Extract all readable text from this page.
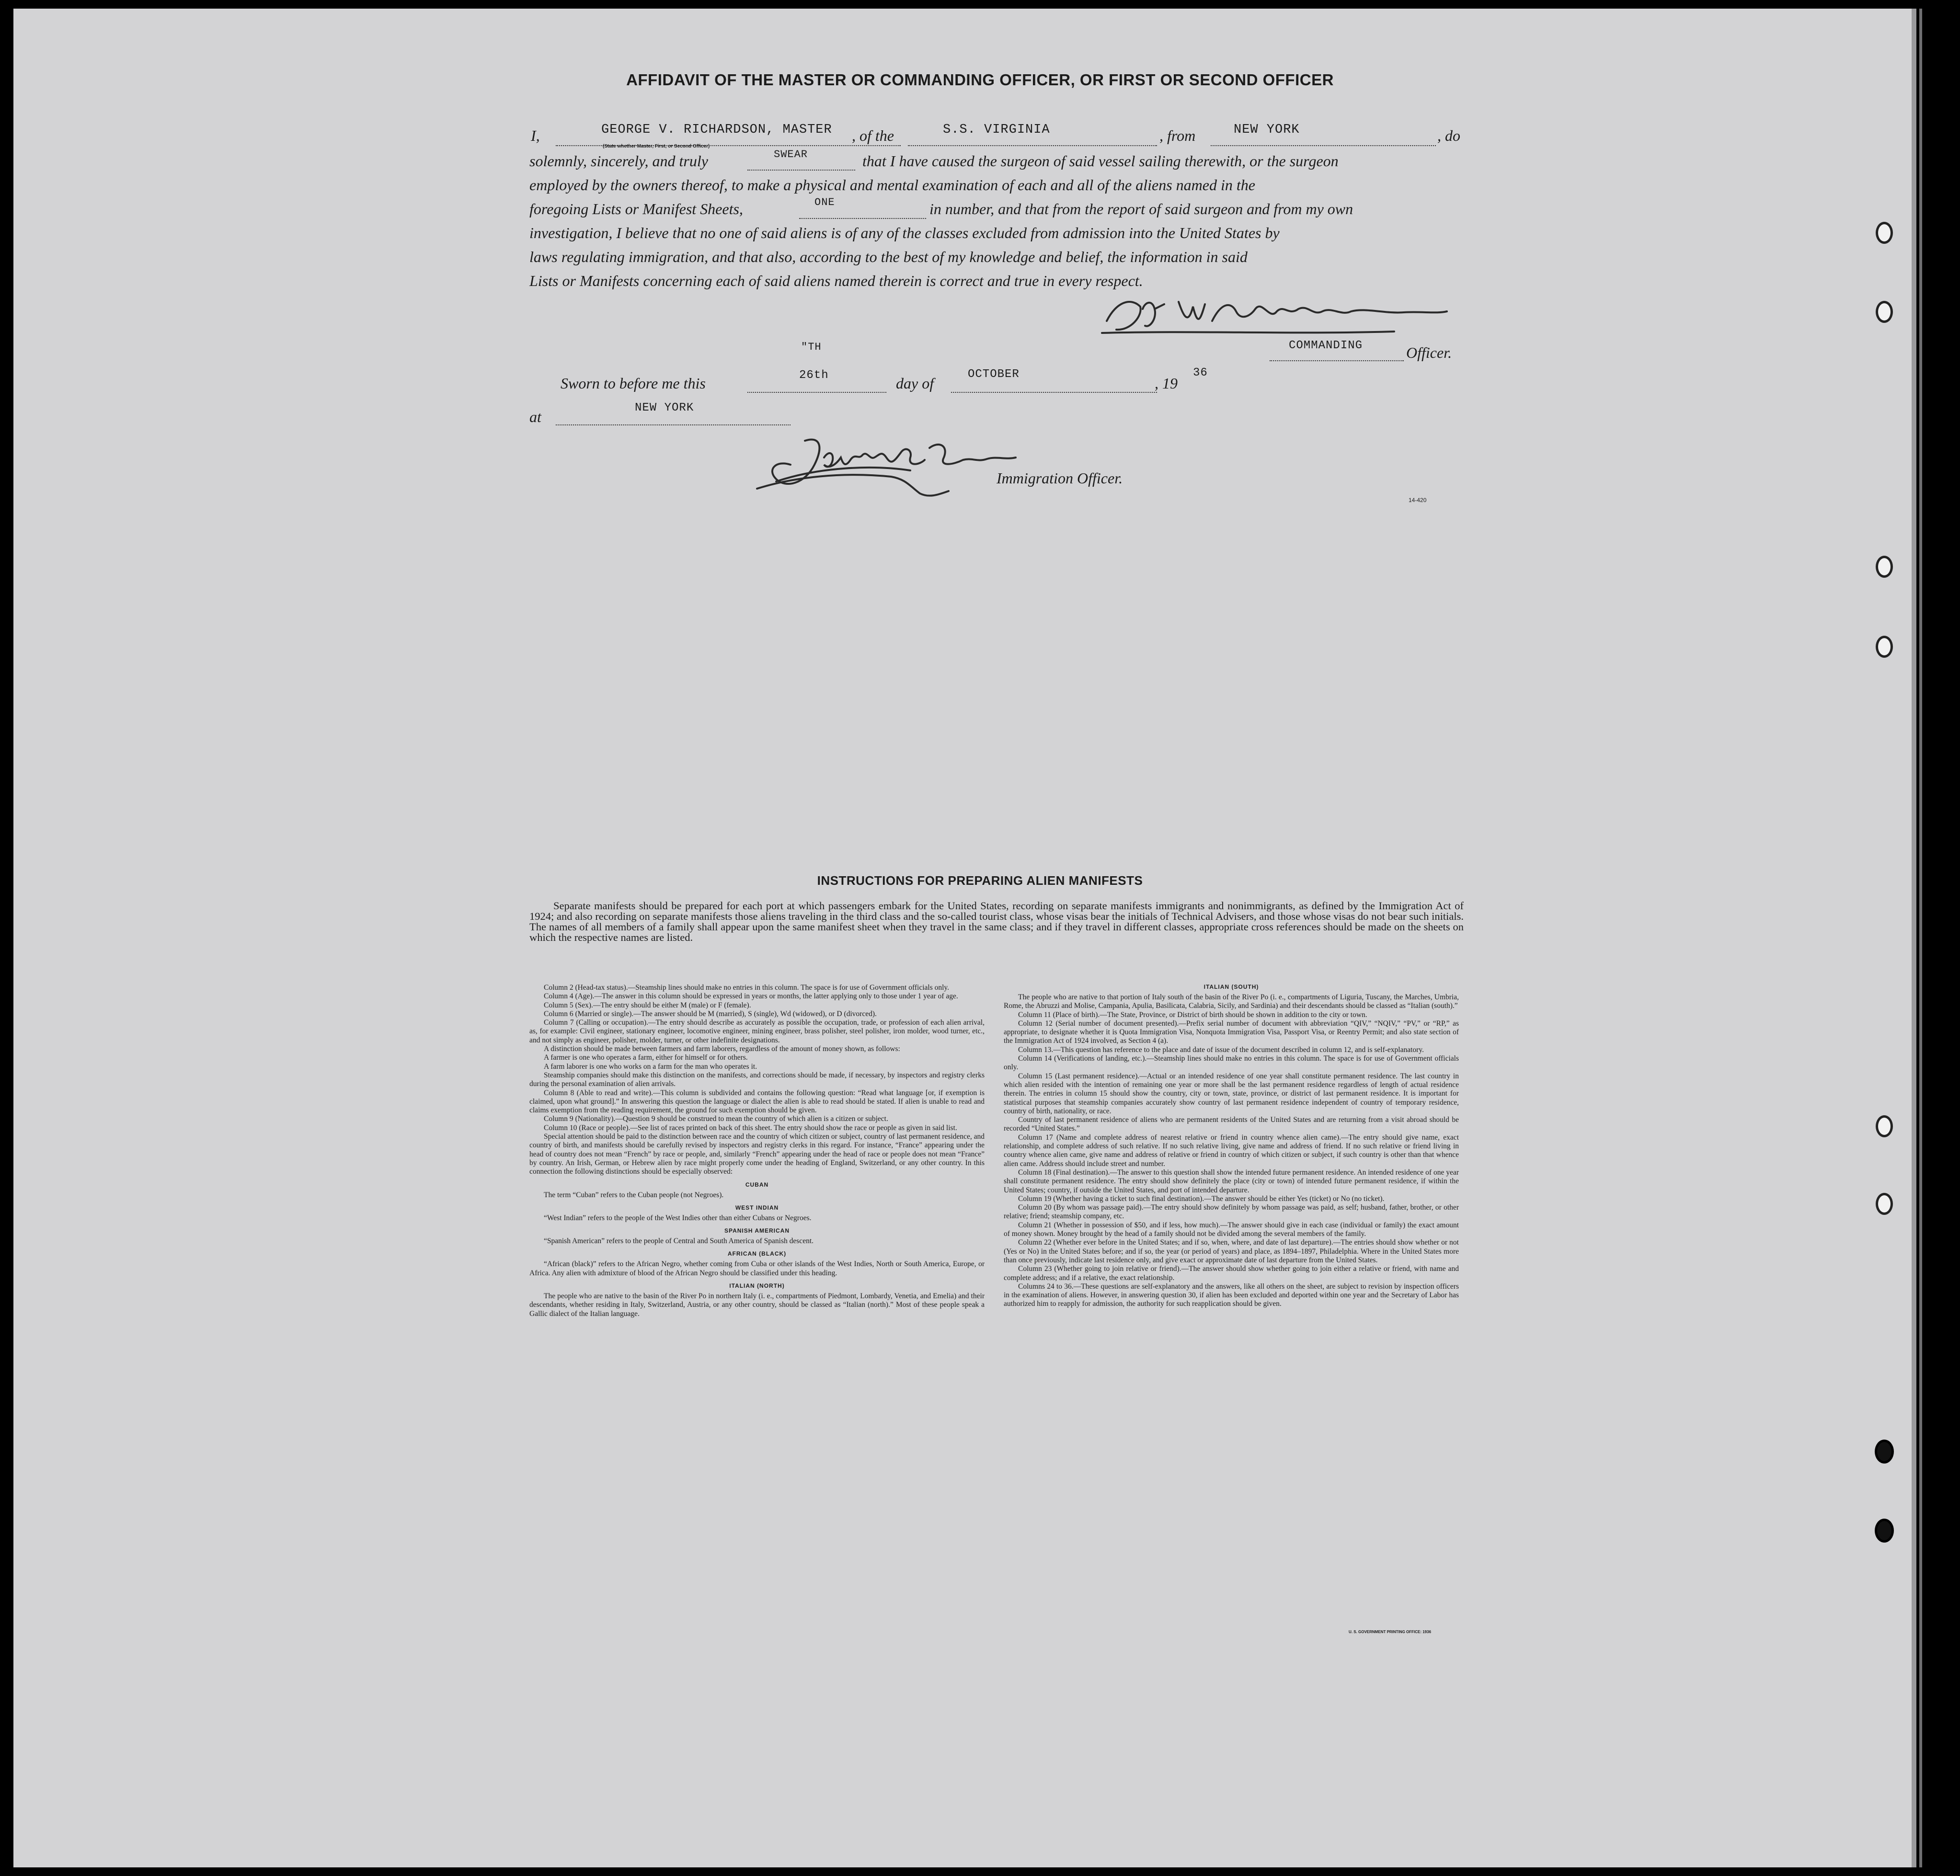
AFFIDAVIT OF THE MASTER OR COMMANDING OFFICER, OR FIRST OR SECOND OFFICER
I,	GEORGE V. RICHARDSON, MASTER
(State whether Master, First, or Second Officer)
, of the	S.S. VIRGINIA	, from	NEW YORK	, do
solemnly, sincerely, and truly	SWEAR	that I have caused the surgeon of said vessel sailing therewith, or the surgeon
employed by the owners thereof, to make a physical and mental examination of each and all of the aliens named in the
foregoing Lists or Manifest Sheets,	ONE	in number, and that from the report of said surgeon and from my own
investigation, I believe that no one of said aliens is of any of the classes excluded from admission into the United States by
laws regulating immigration, and that also, according to the best of my knowledge and belief, the information in said
Lists or Manifests concerning each of said aliens named therein is correct and true in every respect.
"TH	COMMANDING	Officer.
Sworn to before me this	26th	day of
OCTOBER
, 19
36
at
NEW YORK
Immigration Officer.
14-420
INSTRUCTIONS FOR PREPARING ALIEN MANIFESTS
Separate manifests should be prepared for each port at which passengers embark for the United States, recording on separate manifests immigrants and nonimmigrants, as defined by the Immigration Act of 1924; and also recording on separate manifests those aliens traveling in the third class and the so-called tourist class, whose visas bear the initials of Technical Advisers, and those whose visas do not bear such initials. The names of all members of a family shall appear upon the same manifest sheet when they travel in the same class; and if they travel in different classes, appropriate cross references should be made on the sheets on which the respective names are listed.

Column 2 (Head-tax status).—Steamship lines should make no entries in this column. The space is for use of Government officials only.

Column 4 (Age).—The answer in this column should be expressed in years or months, the latter applying only to those under 1 year of age.

Column 5 (Sex).—The entry should be either M (male) or F (female).

Column 6 (Married or single).—The answer should be M (married), S (single), Wd (widowed), or D (divorced).

Column 7 (Calling or occupation).—The entry should describe as accurately as possible the occupation, trade, or profession of each alien arrival, as, for example: Civil engineer, stationary engineer, locomotive engineer, mining engineer, brass polisher, steel polisher, iron molder, wood turner, etc., and not simply as engineer, polisher, molder, turner, or other indefinite designations.

A distinction should be made between farmers and farm laborers, regardless of the amount of money shown, as follows:

A farmer is one who operates a farm, either for himself or for others.

A farm laborer is one who works on a farm for the man who operates it.

Steamship companies should make this distinction on the manifests, and corrections should be made, if necessary, by inspectors and registry clerks during the personal examination of alien arrivals.

Column 8 (Able to read and write).—This column is subdivided and contains the following question: “Read what language [or, if exemption is claimed, upon what ground].” In answering this question the language or dialect the alien is able to read should be stated. If alien is unable to read and claims exemption from the reading requirement, the ground for such exemption should be given.

Column 9 (Nationality).—Question 9 should be construed to mean the country of which alien is a citizen or subject.

Column 10 (Race or people).—See list of races printed on back of this sheet. The entry should show the race or people as given in said list.

Special attention should be paid to the distinction between race and the country of which citizen or subject, country of last permanent residence, and country of birth, and manifests should be carefully revised by inspectors and registry clerks in this regard. For instance, “France” appearing under the head of country does not mean “French” by race or people, and, similarly “French” appearing under the head of race or people does not mean “France” by country. An Irish, German, or Hebrew alien by race might properly come under the heading of England, Switzerland, or any other country. In this connection the following distinctions should be especially observed:

CUBAN

The term “Cuban” refers to the Cuban people (not Negroes).

WEST INDIAN

“West Indian” refers to the people of the West Indies other than either Cubans or Negroes.

SPANISH AMERICAN

“Spanish American” refers to the people of Central and South America of Spanish descent.

AFRICAN (BLACK)

“African (black)” refers to the African Negro, whether coming from Cuba or other islands of the West Indies, North or South America, Europe, or Africa. Any alien with admixture of blood of the African Negro should be classified under this heading.

ITALIAN (NORTH)

The people who are native to the basin of the River Po in northern Italy (i. e., compartments of Piedmont, Lombardy, Venetia, and Emelia) and their descendants, whether residing in Italy, Switzerland, Austria, or any other country, should be classed as “Italian (north).” Most of these people speak a Gallic dialect of the Italian language.

ITALIAN (SOUTH)

The people who are native to that portion of Italy south of the basin of the River Po (i. e., compartments of Liguria, Tuscany, the Marches, Umbria, Rome, the Abruzzi and Molise, Campania, Apulia, Basilicata, Calabria, Sicily, and Sardinia) and their descendants should be classed as “Italian (south).”

Column 11 (Place of birth).—The State, Province, or District of birth should be shown in addition to the city or town.

Column 12 (Serial number of document presented).—Prefix serial number of document with abbreviation “QIV,” “NQIV,” “PV,” or “RP,” as appropriate, to designate whether it is Quota Immigration Visa, Nonquota Immigration Visa, Passport Visa, or Reentry Permit; and also state section of the Immigration Act of 1924 involved, as Section 4 (a).

Column 13.—This question has reference to the place and date of issue of the document described in column 12, and is self-explanatory.

Column 14 (Verifications of landing, etc.).—Steamship lines should make no entries in this column. The space is for use of Government officials only.

Column 15 (Last permanent residence).—Actual or an intended residence of one year shall constitute permanent residence. The last country in which alien resided with the intention of remaining one year or more shall be the last permanent residence regardless of length of actual residence therein. The entries in column 15 should show the country, city or town, state, province, or district of last permanent residence. It is important for statistical purposes that steamship companies accurately show country of last permanent residence independent of country of temporary residence, country of birth, nationality, or race.

Country of last permanent residence of aliens who are permanent residents of the United States and are returning from a visit abroad should be recorded “United States.”

Column 17 (Name and complete address of nearest relative or friend in country whence alien came).—The entry should give name, exact relationship, and complete address of such relative. If no such relative living, give name and address of friend. If no such relative or friend living in country whence alien came, give name and address of relative or friend in country of which citizen or subject, if such country is other than that whence alien came. Address should include street and number.

Column 18 (Final destination).—The answer to this question shall show the intended future permanent residence. An intended residence of one year shall constitute permanent residence. The entry should show definitely the place (city or town) of intended future permanent residence, if within the United States; country, if outside the United States, and port of intended departure.

Column 19 (Whether having a ticket to such final destination).—The answer should be either Yes (ticket) or No (no ticket).

Column 20 (By whom was passage paid).—The entry should show definitely by whom passage was paid, as self; husband, father, brother, or other relative; friend; steamship company, etc.

Column 21 (Whether in possession of $50, and if less, how much).—The answer should give in each case (individual or family) the exact amount of money shown. Money brought by the head of a family should not be divided among the several members of the family.

Column 22 (Whether ever before in the United States; and if so, when, where, and date of last departure).—The entries should show whether or not (Yes or No) in the United States before; and if so, the year (or period of years) and place, as 1894–1897, Philadelphia. Where in the United States more than once previously, indicate last residence only, and give exact or approximate date of last departure from the United States.

Column 23 (Whether going to join relative or friend).—The answer should show whether going to join either a relative or friend, with name and complete address; and if a relative, the exact relationship.

Columns 24 to 36.—These questions are self-explanatory and the answers, like all others on the sheet, are subject to revision by inspection officers in the examination of aliens. However, in answering question 30, if alien has been excluded and deported within one year and the Secretary of Labor has authorized him to reapply for admission, the authority for such reapplication should be given.

U. S. GOVERNMENT PRINTING OFFICE: 1936
